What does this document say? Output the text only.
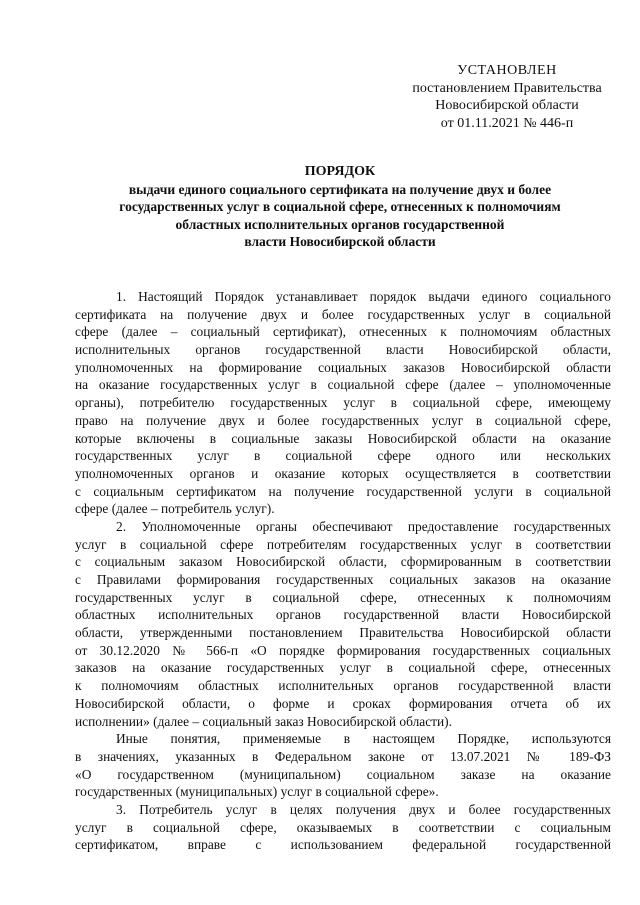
УСТАНОВЛЕН
постановлением Правительства
Новосибирской области
от 01.11.2021 № 446-п
ПОРЯДОК
выдачи единого социального сертификата на получение двух и более
государственных услуг в социальной сфере, отнесенных к полномочиям
областных исполнительных органов государственной
власти Новосибирской области
1. Настоящий Порядок устанавливает порядок выдачи единого социального
сертификата на получение двух и более государственных услуг в социальной
сфере (далее – социальный сертификат), отнесенных к полномочиям областных
исполнительных органов государственной власти Новосибирской области,
уполномоченных на формирование социальных заказов Новосибирской области
на оказание государственных услуг в социальной сфере (далее – уполномоченные
органы), потребителю государственных услуг в социальной сфере, имеющему
право на получение двух и более государственных услуг в социальной сфере,
которые включены в социальные заказы Новосибирской области на оказание
государственных услуг в социальной сфере одного или нескольких
уполномоченных органов и оказание которых осуществляется в соответствии
с социальным сертификатом на получение государственной услуги в социальной
сфере (далее – потребитель услуг).
2. Уполномоченные органы обеспечивают предоставление государственных
услуг в социальной сфере потребителям государственных услуг в соответствии
с социальным заказом Новосибирской области, сформированным в соответствии
с Правилами формирования государственных социальных заказов на оказание
государственных услуг в социальной сфере, отнесенных к полномочиям
областных исполнительных органов государственной власти Новосибирской
области, утвержденными постановлением Правительства Новосибирской области
от 30.12.2020 № 566-п «О порядке формирования государственных социальных
заказов на оказание государственных услуг в социальной сфере, отнесенных
к полномочиям областных исполнительных органов государственной власти
Новосибирской области, о форме и сроках формирования отчета об их
исполнении» (далее – социальный заказ Новосибирской области).
Иные понятия, применяемые в настоящем Порядке, используются
в значениях, указанных в Федеральном законе от 13.07.2021 № 189-ФЗ
«О государственном (муниципальном) социальном заказе на оказание
государственных (муниципальных) услуг в социальной сфере».
3. Потребитель услуг в целях получения двух и более государственных
услуг в социальной сфере, оказываемых в соответствии с социальным
сертификатом, вправе с использованием федеральной государственной
